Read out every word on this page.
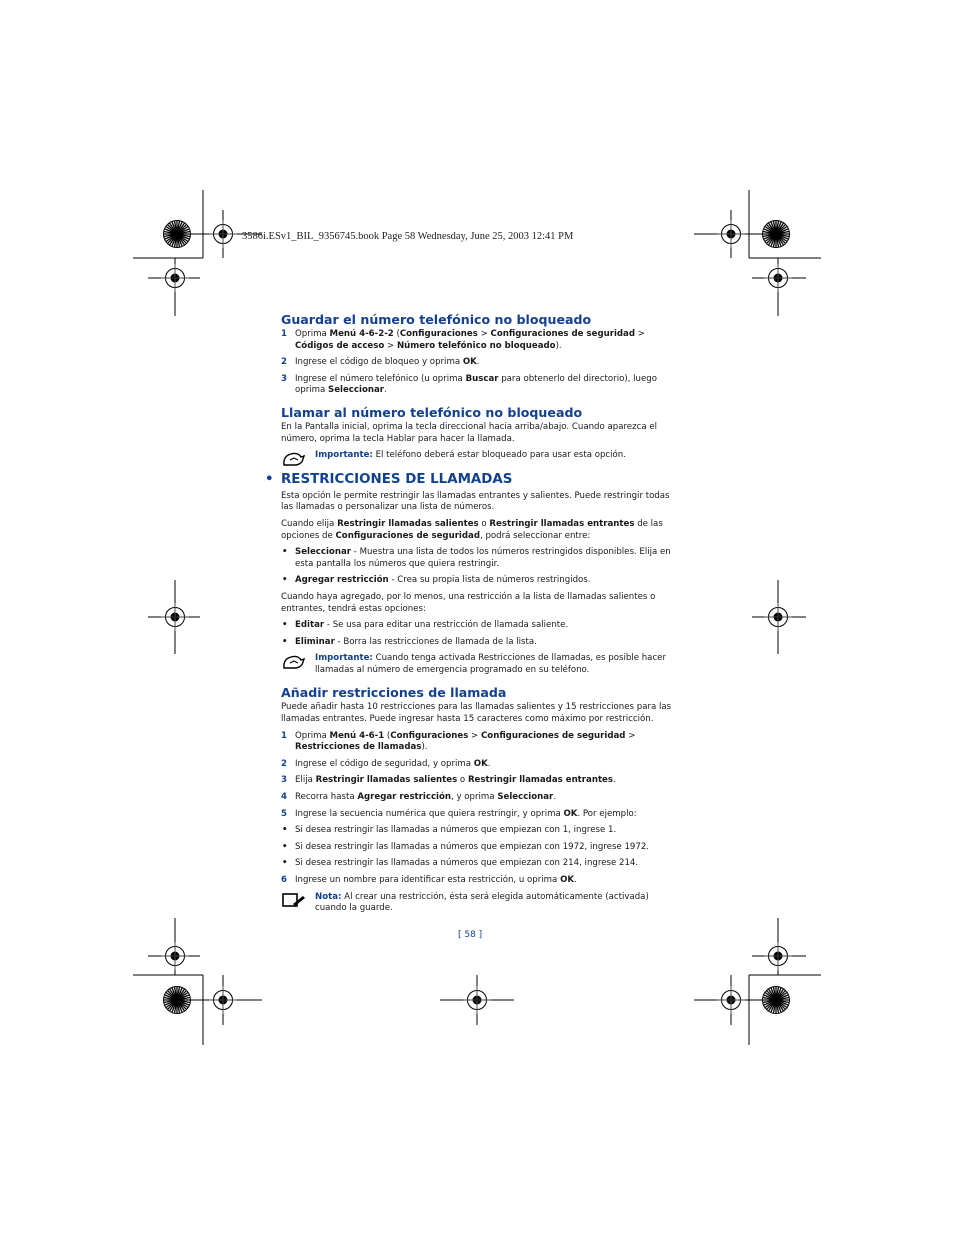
3586i.ESv1_BIL_9356745.book Page 58 Wednesday, June 25, 2003 12:41 PM
Guardar el número telefónico no bloqueado
1 Oprima Menú 4-6-2-2 (Configuraciones > Configuraciones de seguridad > Códigos de acceso > Número telefónico no bloqueado).
2 Ingrese el código de bloqueo y oprima OK.
3 Ingrese el número telefónico (u oprima Buscar para obtenerlo del directorio), luego oprima Seleccionar.
Llamar al número telefónico no bloqueado

En la Pantalla inicial, oprima la tecla direccional hacia arriba/abajo. Cuando aparezca el número, oprima la tecla Hablar para hacer la llamada.

Importante: El teléfono deberá estar bloqueado para usar esta opción.
• RESTRICCIONES DE LLAMADAS

Esta opción le permite restringir las llamadas entrantes y salientes. Puede restringir todas las llamadas o personalizar una lista de números.

Cuando elija Restringir llamadas salientes o Restringir llamadas entrantes de las opciones de Configuraciones de seguridad, podrá seleccionar entre:

• Seleccionar - Muestra una lista de todos los números restringidos disponibles. Elija en esta pantalla los números que quiera restringir.
• Agregar restricción - Crea su propia lista de números restringidos.

Cuando haya agregado, por lo menos, una restricción a la lista de llamadas salientes o entrantes, tendrá estas opciones:

• Editar - Se usa para editar una restricción de llamada saliente.
• Eliminar - Borra las restricciones de llamada de la lista.
Importante: Cuando tenga activada Restricciones de llamadas, es posible hacer llamadas al número de emergencia programado en su teléfono.
Añadir restricciones de llamada

Puede añadir hasta 10 restricciones para las llamadas salientes y 15 restricciones para las llamadas entrantes. Puede ingresar hasta 15 caracteres como máximo por restricción.

1 Oprima Menú 4-6-1 (Configuraciones > Configuraciones de seguridad > Restricciones de llamadas).
2 Ingrese el código de seguridad, y oprima OK.
3 Elija Restringir llamadas salientes o Restringir llamadas entrantes.
4 Recorra hasta Agregar restricción, y oprima Seleccionar.
5 Ingrese la secuencia numérica que quiera restringir, y oprima OK. Por ejemplo:
• Si desea restringir las llamadas a números que empiezan con 1, ingrese 1.
• Si desea restringir las llamadas a números que empiezan con 1972, ingrese 1972.
• Si desea restringir las llamadas a números que empiezan con 214, ingrese 214.
6 Ingrese un nombre para identificar esta restricción, u oprima OK.
Nota: Al crear una restricción, ésta será elegida automáticamente (activada) cuando la guarde.
[ 58 ]
